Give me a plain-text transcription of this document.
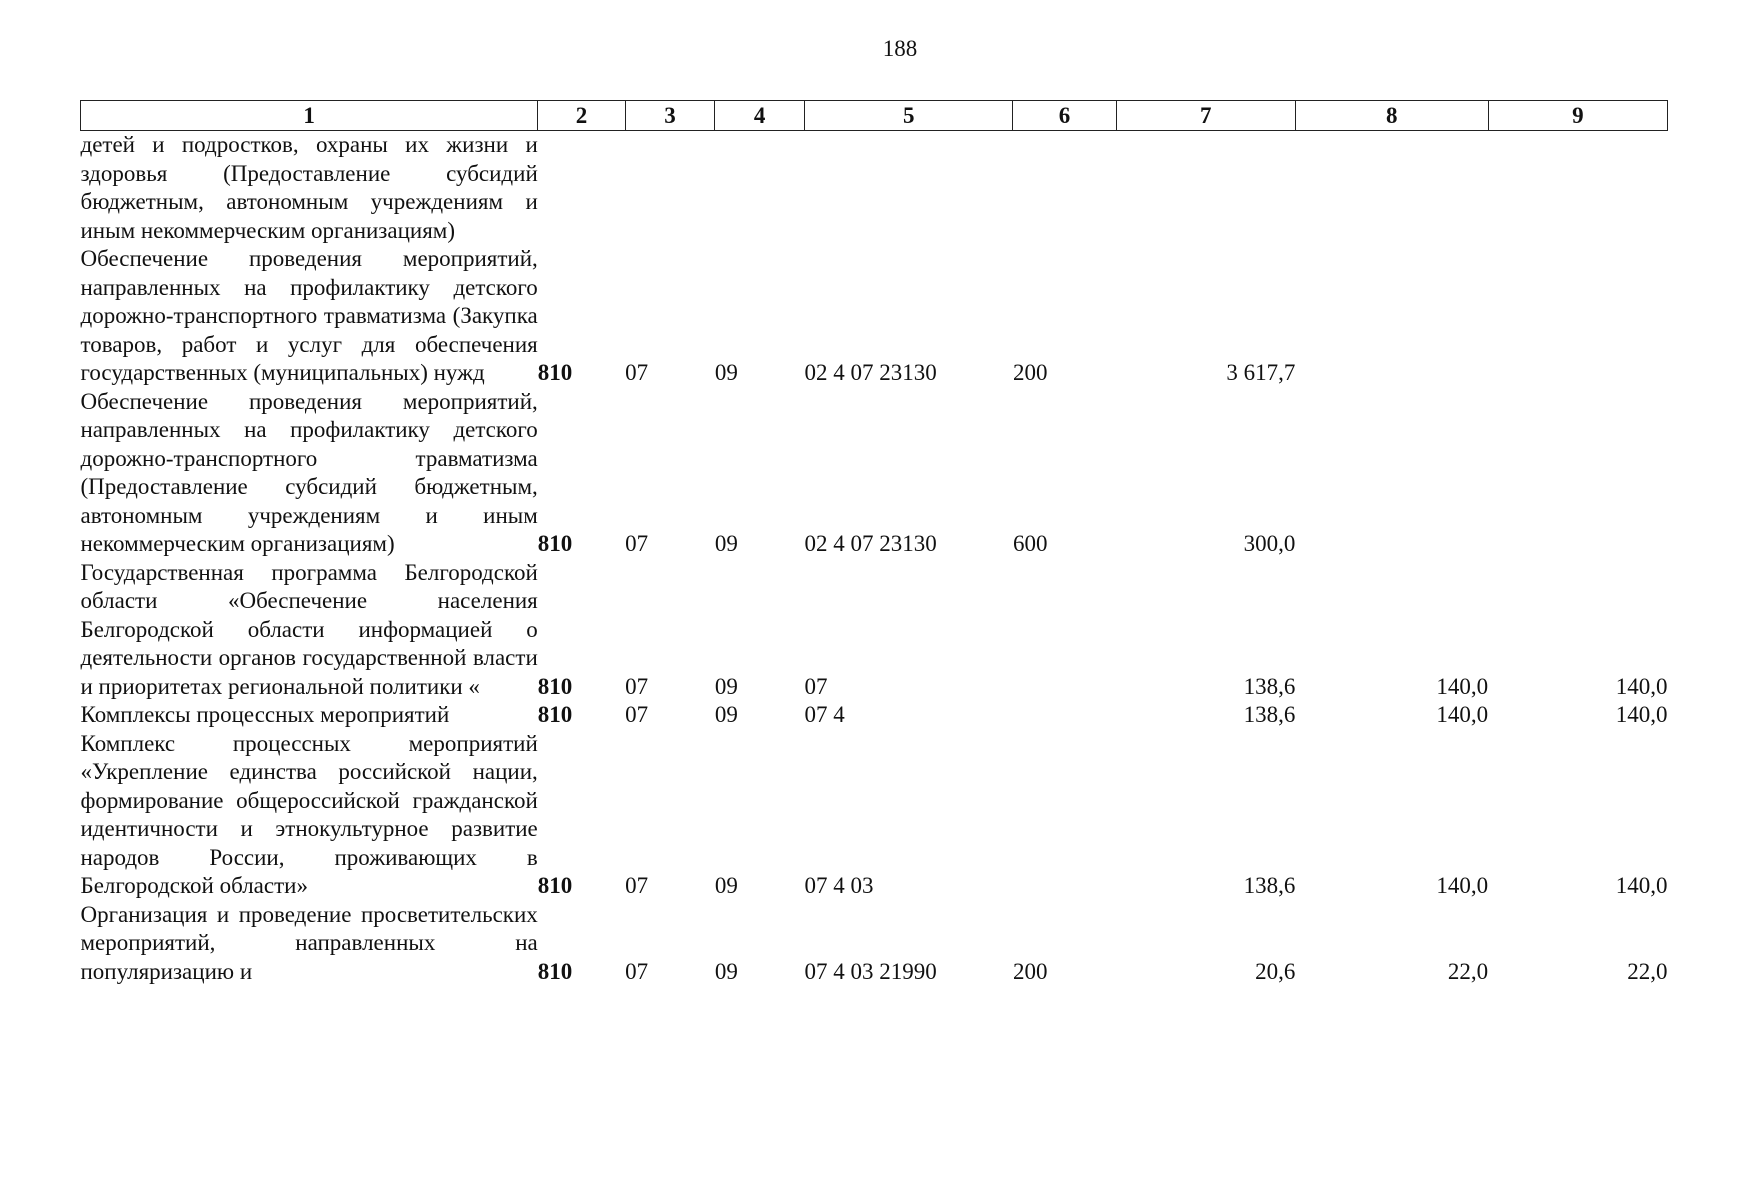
188
1	2	3	4	5	6	7	8	9
детей и подростков, охраны их жизни и здоровья (Предоставление субсидий бюджетным, автономным учреждениям и иным некоммерческим организациям)								
Обеспечение проведения мероприятий, направленных на профилактику детского дорожно-транспортного травматизма (Закупка товаров, работ и услуг для обеспечения государственных (муниципальных) нужд	810	07	09	02 4 07 23130	200	3 617,7		
Обеспечение проведения мероприятий, направленных на профилактику детского дорожно-транспортного травматизма (Предоставление субсидий бюджетным, автономным учреждениям и иным некоммерческим организациям)	810	07	09	02 4 07 23130	600	300,0		
Государственная программа Белгородской области «Обеспечение населения Белгородской области информацией о деятельности органов государственной власти и приоритетах региональной политики «	810	07	09	07		138,6	140,0	140,0
Комплексы процессных мероприятий	810	07	09	07 4		138,6	140,0	140,0
Комплекс процессных мероприятий «Укрепление единства российской нации, формирование общероссийской гражданской идентичности и этнокультурное развитие народов России, проживающих в Белгородской области»	810	07	09	07 4 03		138,6	140,0	140,0
Организация и проведение просветительских мероприятий, направленных на популяризацию и	810	07	09	07 4 03 21990	200	20,6	22,0	22,0
